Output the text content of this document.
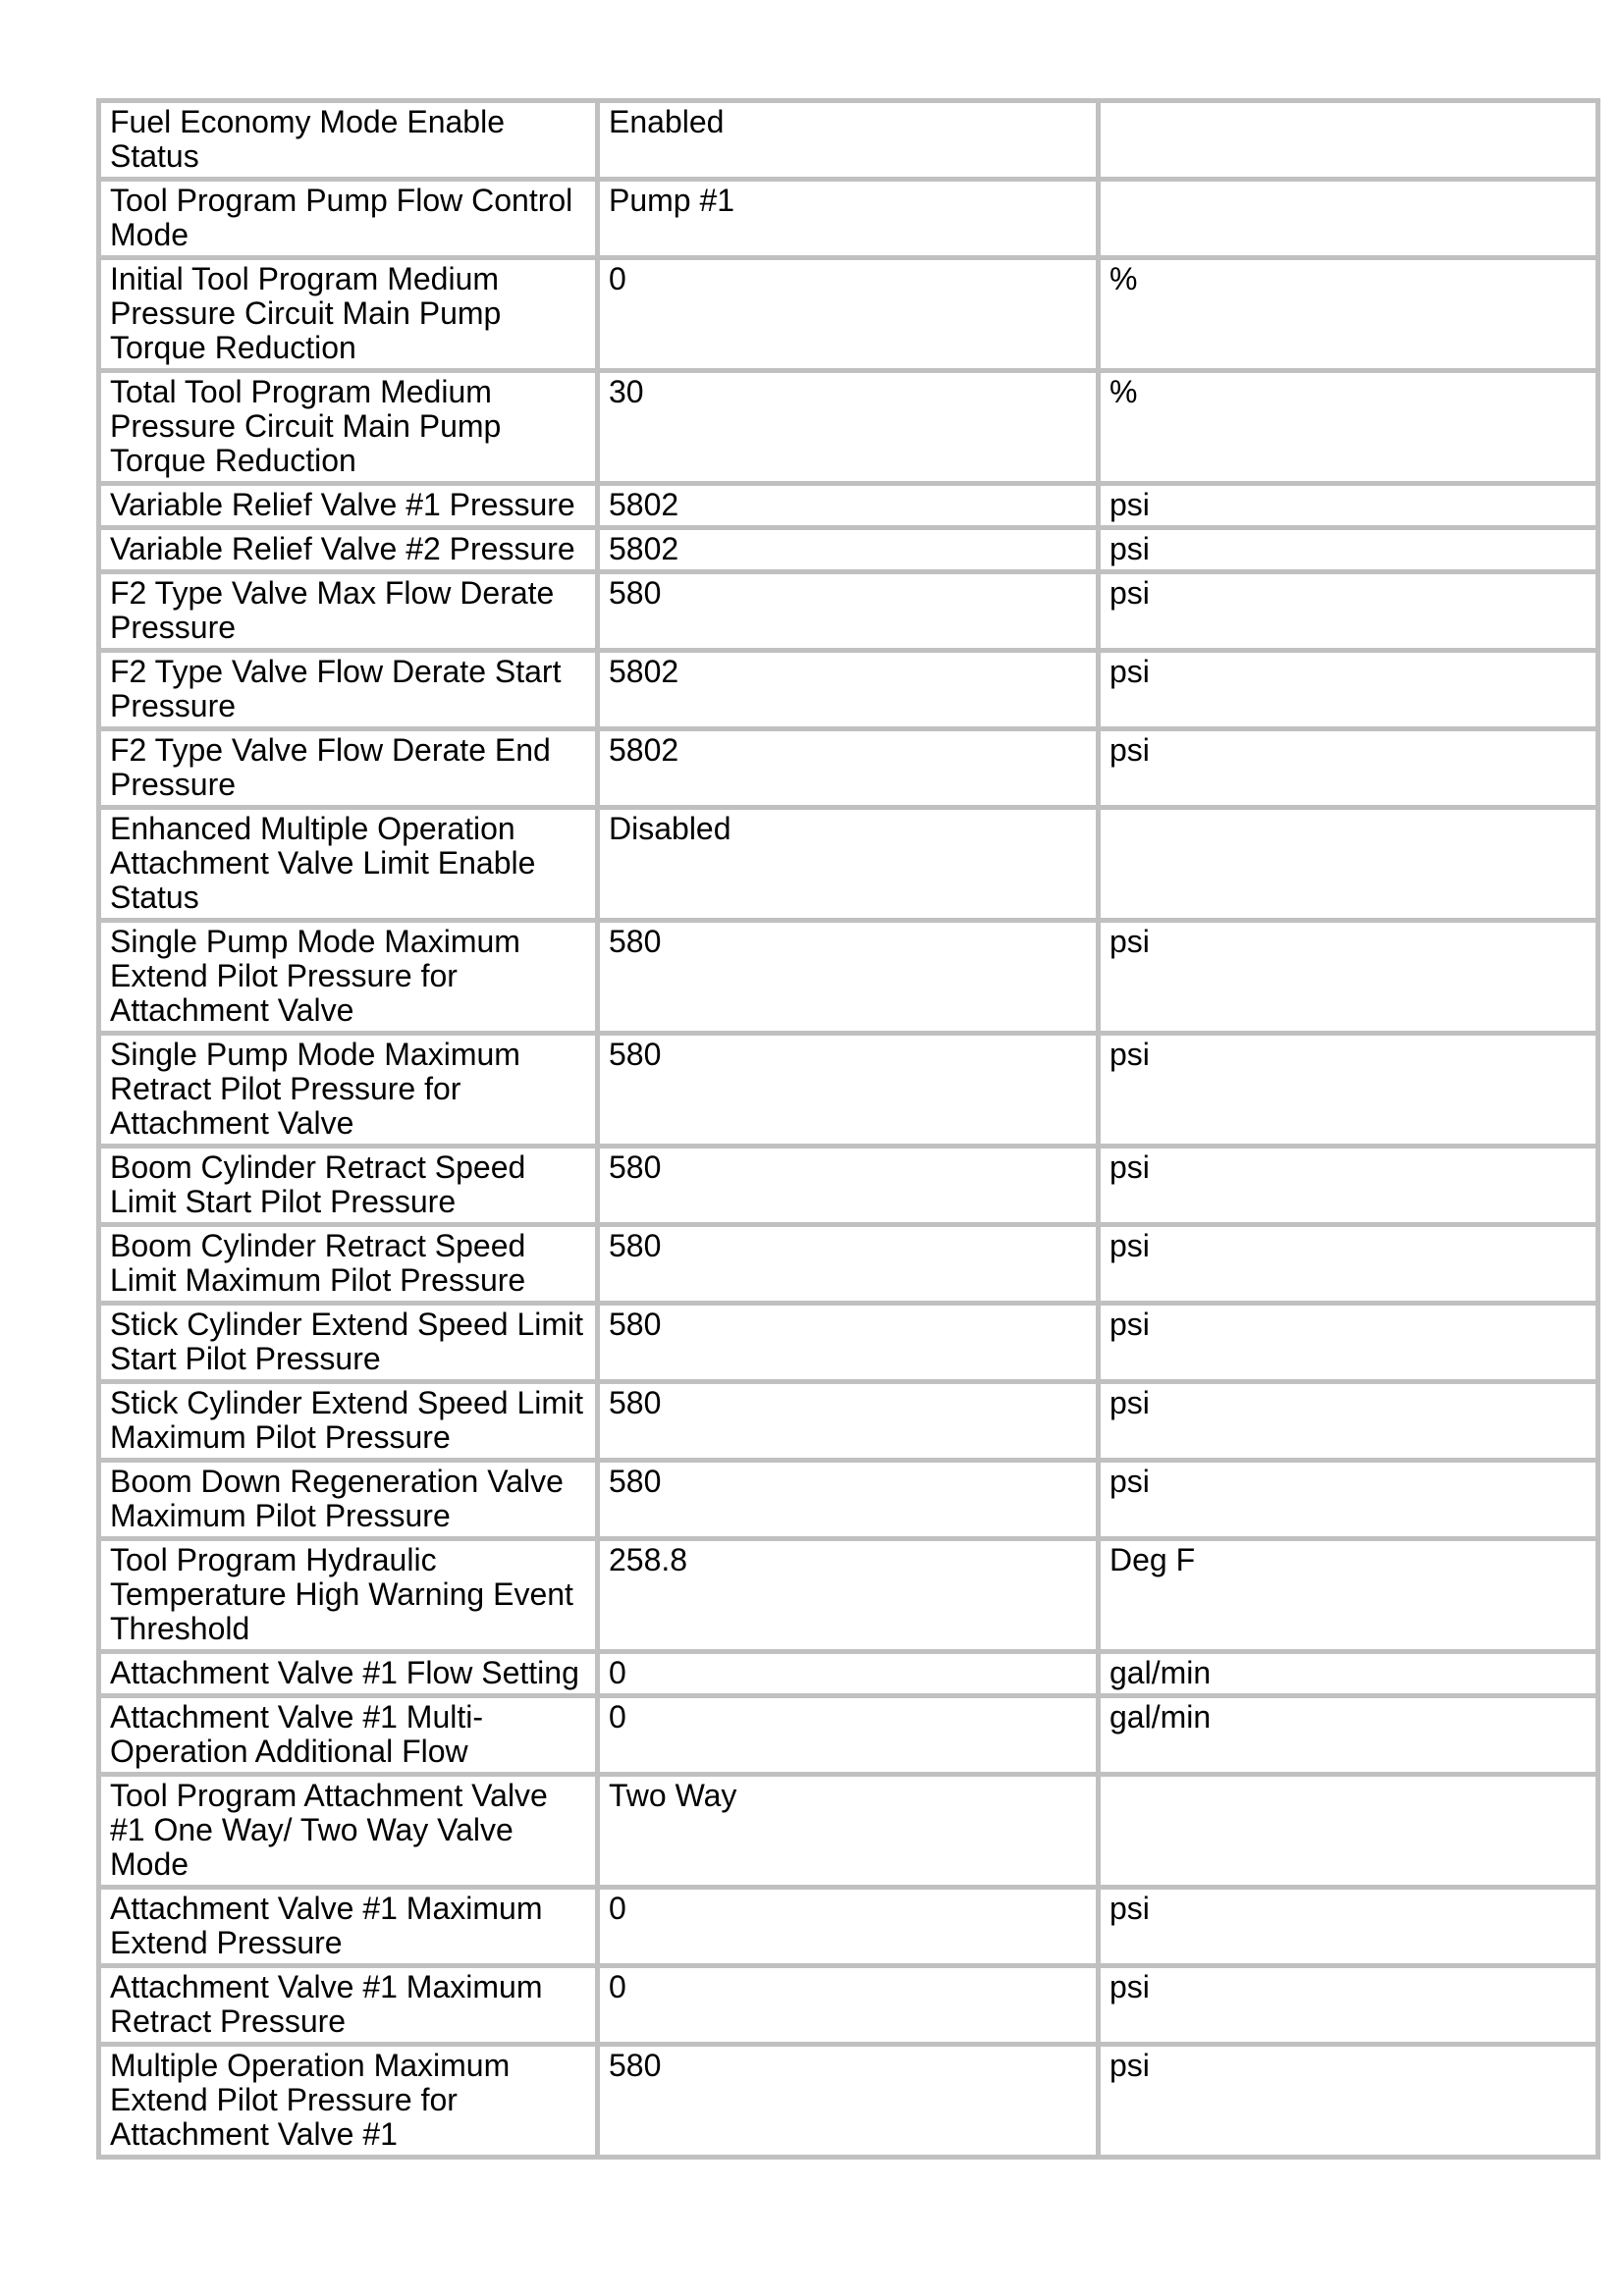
Fuel Economy Mode Enable Status	Enabled	
Tool Program Pump Flow Control Mode	Pump #1	
Initial Tool Program Medium Pressure Circuit Main Pump Torque Reduction	0	%
Total Tool Program Medium Pressure Circuit Main Pump Torque Reduction	30	%
Variable Relief Valve #1 Pressure	5802	psi
Variable Relief Valve #2 Pressure	5802	psi
F2 Type Valve Max Flow Derate Pressure	580	psi
F2 Type Valve Flow Derate Start Pressure	5802	psi
F2 Type Valve Flow Derate End Pressure	5802	psi
Enhanced Multiple Operation Attachment Valve Limit Enable Status	Disabled	
Single Pump Mode Maximum Extend Pilot Pressure for Attachment Valve	580	psi
Single Pump Mode Maximum Retract Pilot Pressure for Attachment Valve	580	psi
Boom Cylinder Retract Speed Limit Start Pilot Pressure	580	psi
Boom Cylinder Retract Speed Limit Maximum Pilot Pressure	580	psi
Stick Cylinder Extend Speed Limit Start Pilot Pressure	580	psi
Stick Cylinder Extend Speed Limit Maximum Pilot Pressure	580	psi
Boom Down Regeneration Valve Maximum Pilot Pressure	580	psi
Tool Program Hydraulic Temperature High Warning Event Threshold	258.8	Deg F
Attachment Valve #1 Flow Setting	0	gal/min
Attachment Valve #1 Multi-Operation Additional Flow	0	gal/min
Tool Program Attachment Valve #1 One Way/ Two Way Valve Mode	Two Way	
Attachment Valve #1 Maximum Extend Pressure	0	psi
Attachment Valve #1 Maximum Retract Pressure	0	psi
Multiple Operation Maximum Extend Pilot Pressure for Attachment Valve #1	580	psi
